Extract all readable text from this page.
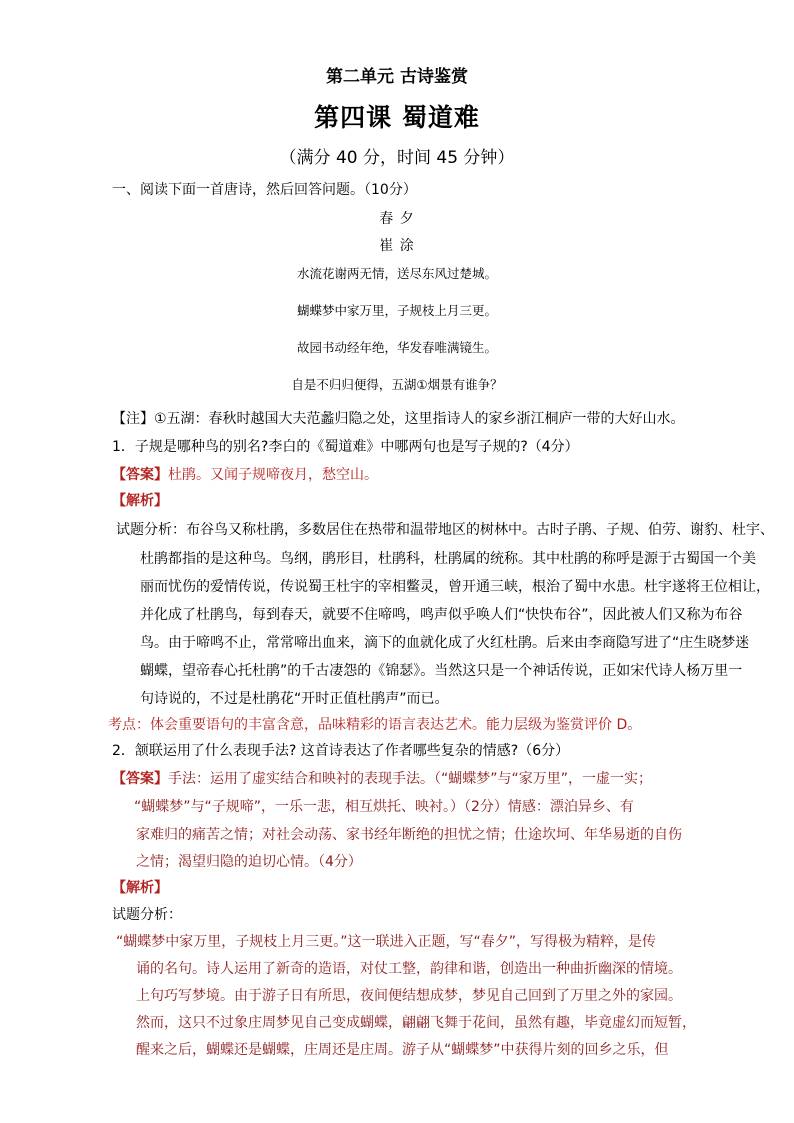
第二单元 古诗鉴赏
第四课 蜀道难
（满分 40 分，时间 45 分钟）
一、阅读下面一首唐诗，然后回答问题。（10分）
春 夕
崔 涂
水流花谢两无情，送尽东风过楚城。
蝴蝶梦中家万里，子规枝上月三更。
故园书动经年绝，华发春唯满镜生。
自是不归归便得，五湖①烟景有谁争？
【注】①五湖：春秋时越国大夫范蠡归隐之处，这里指诗人的家乡浙江桐庐一带的大好山水。
1．子规是哪种鸟的别名?李白的《蜀道难》中哪两句也是写子规的?（4分）
【答案】杜鹃。又闻子规啼夜月，愁空山。
【解析】
试题分析：布谷鸟又称杜鹃，多数居住在热带和温带地区的树林中。古时子鹃、子规、伯劳、谢豹、杜宇、
杜鹃都指的是这种鸟。鸟纲，鹃形目，杜鹃科，杜鹃属的统称。其中杜鹃的称呼是源于古蜀国一个美
丽而忧伤的爱情传说，传说蜀王杜宇的宰相鳖灵，曾开通三峡，根治了蜀中水患。杜宇遂将王位相让，
并化成了杜鹃鸟，每到春天，就要不住啼鸣，鸣声似乎唤人们“快快布谷”，因此被人们又称为布谷
鸟。由于啼鸣不止，常常啼出血来，滴下的血就化成了火红杜鹃。后来由李商隐写进了“庄生晓梦迷
蝴蝶，望帝春心托杜鹃”的千古凄怨的《锦瑟》。当然这只是一个神话传说，正如宋代诗人杨万里一
句诗说的，不过是杜鹃花“开时正值杜鹃声”而已。
考点：体会重要语句的丰富含意，品味精彩的语言表达艺术。能力层级为鉴赏评价 D。
2．颔联运用了什么表现手法? 这首诗表达了作者哪些复杂的情感?（6分）
【答案】手法：运用了虚实结合和映衬的表现手法。（“蝴蝶梦”与“家万里”，一虚一实；
“蝴蝶梦”与“子规啼”，一乐一悲，相互烘托、映衬。）（2分）情感：漂泊异乡、有
家难归的痛苦之情；对社会动荡、家书经年断绝的担忧之情；仕途坎坷、年华易逝的自伤
之情；渴望归隐的迫切心情。（4分）
【解析】
试题分析：
“蝴蝶梦中家万里，子规枝上月三更。”这一联进入正题，写“春夕”，写得极为精粹，是传
诵的名句。诗人运用了新奇的造语，对仗工整，韵律和谐，创造出一种曲折幽深的情境。
上句巧写梦境。由于游子日有所思，夜间便结想成梦，梦见自己回到了万里之外的家园。
然而，这只不过象庄周梦见自己变成蝴蝶，翩翩飞舞于花间，虽然有趣，毕竟虚幻而短暂，
醒来之后，蝴蝶还是蝴蝶，庄周还是庄周。游子从“蝴蝶梦”中获得片刻的回乡之乐，但
